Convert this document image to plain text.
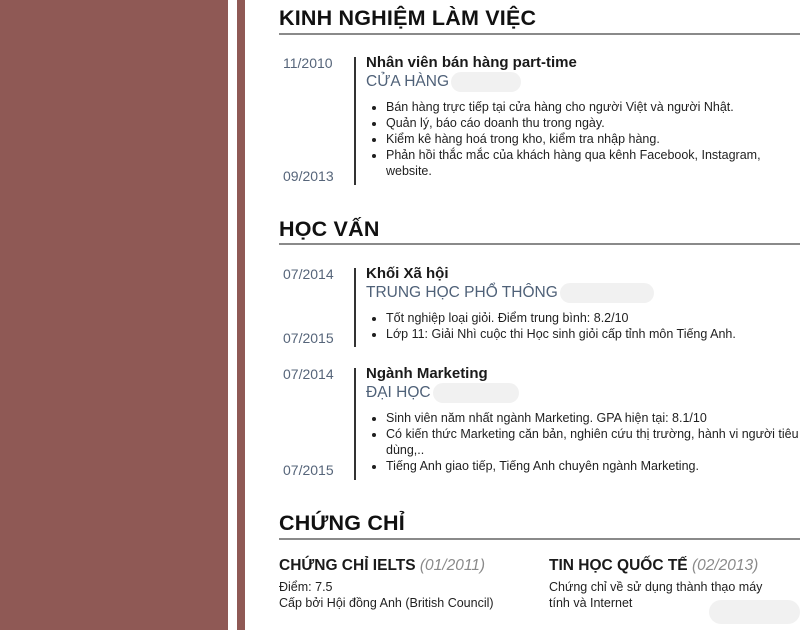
KINH NGHIỆM LÀM VIỆC
11/2010
09/2013
Nhân viên bán hàng part-time
CỬA HÀNG
• Bán hàng trực tiếp tại cửa hàng cho người Việt và người Nhật.
• Quản lý, báo cáo doanh thu trong ngày.
• Kiểm kê hàng hoá trong kho, kiểm tra nhập hàng.
• Phản hồi thắc mắc của khách hàng qua kênh Facebook, Instagram, website.
HỌC VẤN
07/2014
07/2015
Khối Xã hội
TRUNG HỌC PHỔ THÔNG
• Tốt nghiệp loại giỏi. Điểm trung bình: 8.2/10
• Lớp 11: Giải Nhì cuộc thi Học sinh giỏi cấp tỉnh môn Tiếng Anh.
07/2014
07/2015
Ngành Marketing
ĐẠI HỌC
• Sinh viên năm nhất ngành Marketing. GPA hiện tại: 8.1/10
• Có kiến thức Marketing căn bản, nghiên cứu thị trường, hành vi người tiêu dùng,..
• Tiếng Anh giao tiếp, Tiếng Anh chuyên ngành Marketing.
CHỨNG CHỈ
CHỨNG CHỈ IELTS (01/2011)
Điểm: 7.5
Cấp bởi Hội đồng Anh (British Council)
TIN HỌC QUỐC TẾ (02/2013)
Chứng chỉ về sử dụng thành thạo máy
tính và Internet
